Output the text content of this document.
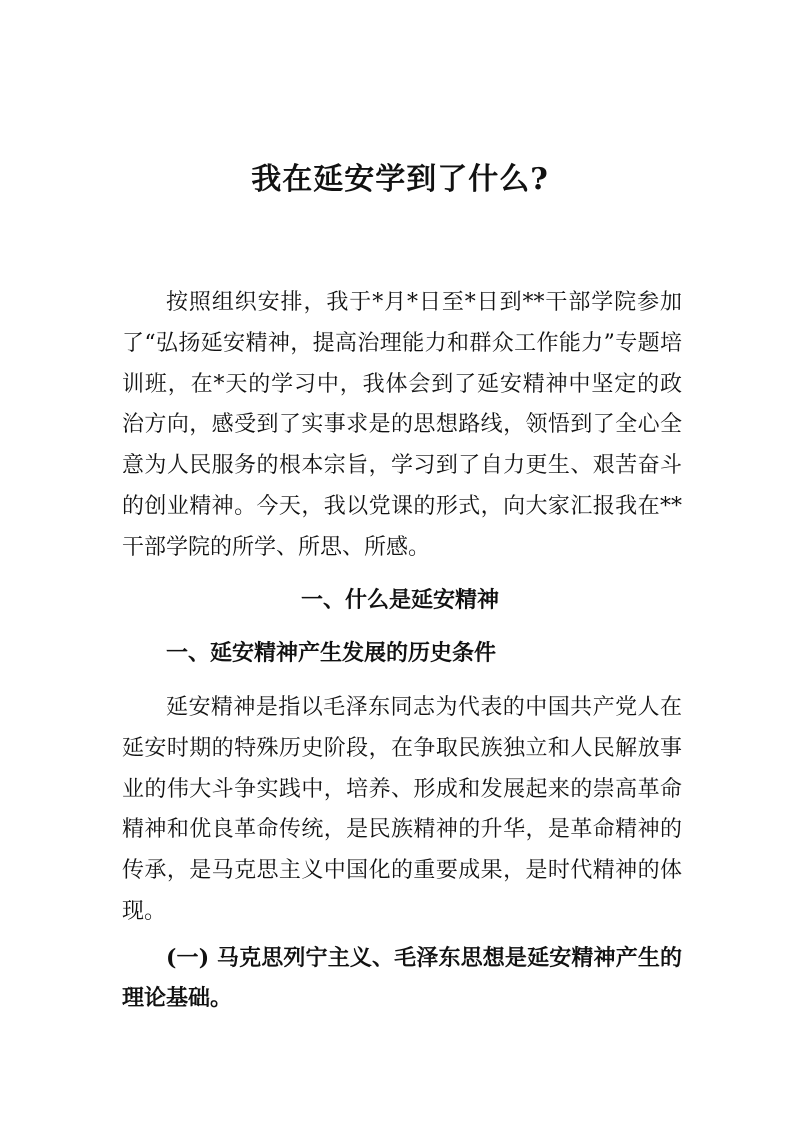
我在延安学到了什么?

按照组织安排，我于*月*日至*日到**干部学院参加了“弘扬延安精神，提高治理能力和群众工作能力”专题培训班，在*天的学习中，我体会到了延安精神中坚定的政治方向，感受到了实事求是的思想路线，领悟到了全心全意为人民服务的根本宗旨，学习到了自力更生、艰苦奋斗的创业精神。今天，我以党课的形式，向大家汇报我在**干部学院的所学、所思、所感。

一、什么是延安精神
一、延安精神产生发展的历史条件

延安精神是指以毛泽东同志为代表的中国共产党人在延安时期的特殊历史阶段，在争取民族独立和人民解放事业的伟大斗争实践中，培养、形成和发展起来的崇高革命精神和优良革命传统，是民族精神的升华，是革命精神的传承，是马克思主义中国化的重要成果，是时代精神的体现。

(一) 马克思列宁主义、毛泽东思想是延安精神产生的理论基础。
